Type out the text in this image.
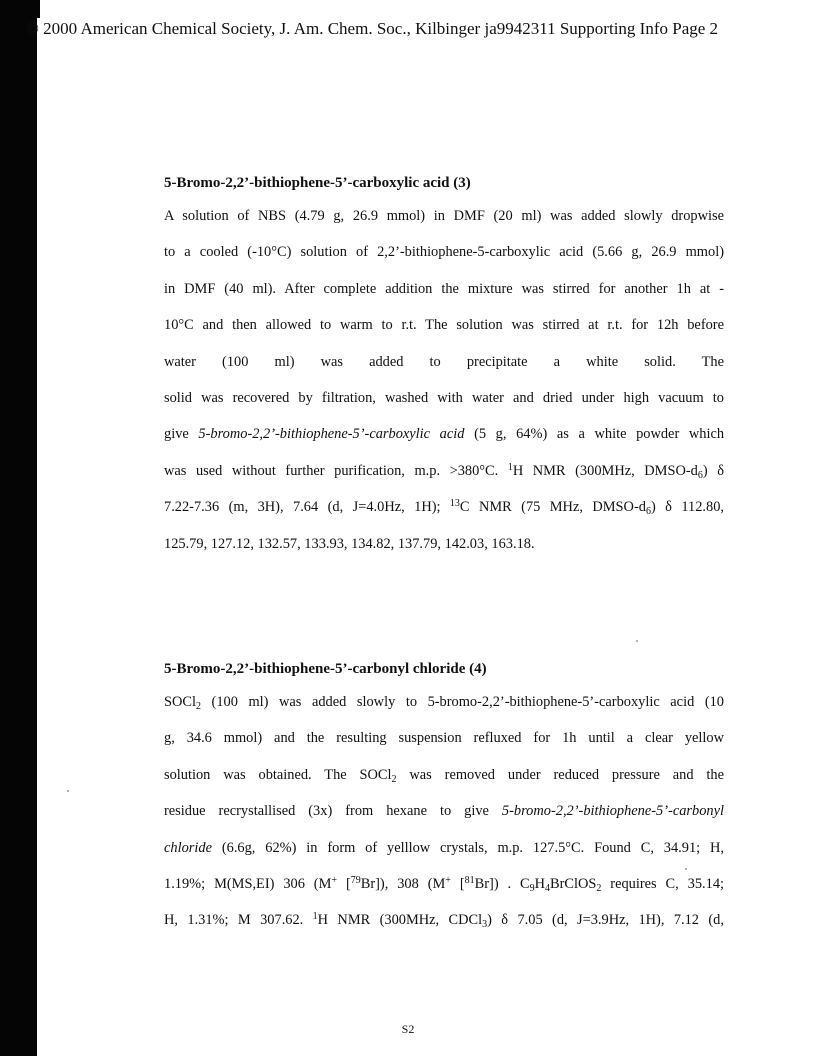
© 2000 American Chemical Society, J. Am. Chem. Soc., Kilbinger ja9942311 Supporting Info Page 2
5-Bromo-2,2’-bithiophene-5’-carboxylic acid (3)

A solution of NBS (4.79 g, 26.9 mmol) in DMF (20 ml) was added slowly dropwise
to a cooled (-10°C) solution of 2,2’-bithiophene-5-carboxylic acid (5.66 g, 26.9 mmol)
in DMF (40 ml). After complete addition the mixture was stirred for another 1h at -
10°C and then allowed to warm to r.t. The solution was stirred at r.t. for 12h before
water (100 ml) was added to precipitate a white solid. The
solid was recovered by filtration, washed with water and dried under high vacuum to
give 5-bromo-2,2’-bithiophene-5’-carboxylic acid (5 g, 64%) as a white powder which
was used without further purification, m.p. >380°C. $^1$H NMR (300MHz, DMSO-$d_6$) δ
7.22-7.36 (m, 3H), 7.64 (d, J=4.0Hz, 1H); $^{13}$C NMR (75 MHz, DMSO-$d_6$) δ 112.80,
125.79, 127.12, 132.57, 133.93, 134.82, 137.79, 142.03, 163.18.

5-Bromo-2,2’-bithiophene-5’-carbonyl chloride (4)

SOCl$_2$ (100 ml) was added slowly to 5-bromo-2,2’-bithiophene-5’-carboxylic acid (10
g, 34.6 mmol) and the resulting suspension refluxed for 1h until a clear yellow
solution was obtained. The SOCl$_2$ was removed under reduced pressure and the
residue recrystallised (3x) from hexane to give 5-bromo-2,2’-bithiophene-5’-carbonyl
chloride (6.6g, 62%) in form of yelllow crystals, m.p. 127.5°C. Found C, 34.91; H,
1.19%; M(MS,EI) 306 (M+ [$^{79}$Br]), 308 (M+ [$^{81}$Br]) . $C_9H_4BrClOS_2$ requires C, 35.14;
H, 1.31%; M 307.62. $^1$H NMR (300MHz, CDCl$_3$) δ 7.05 (d, J=3.9Hz, 1H), 7.12 (d,

S2
